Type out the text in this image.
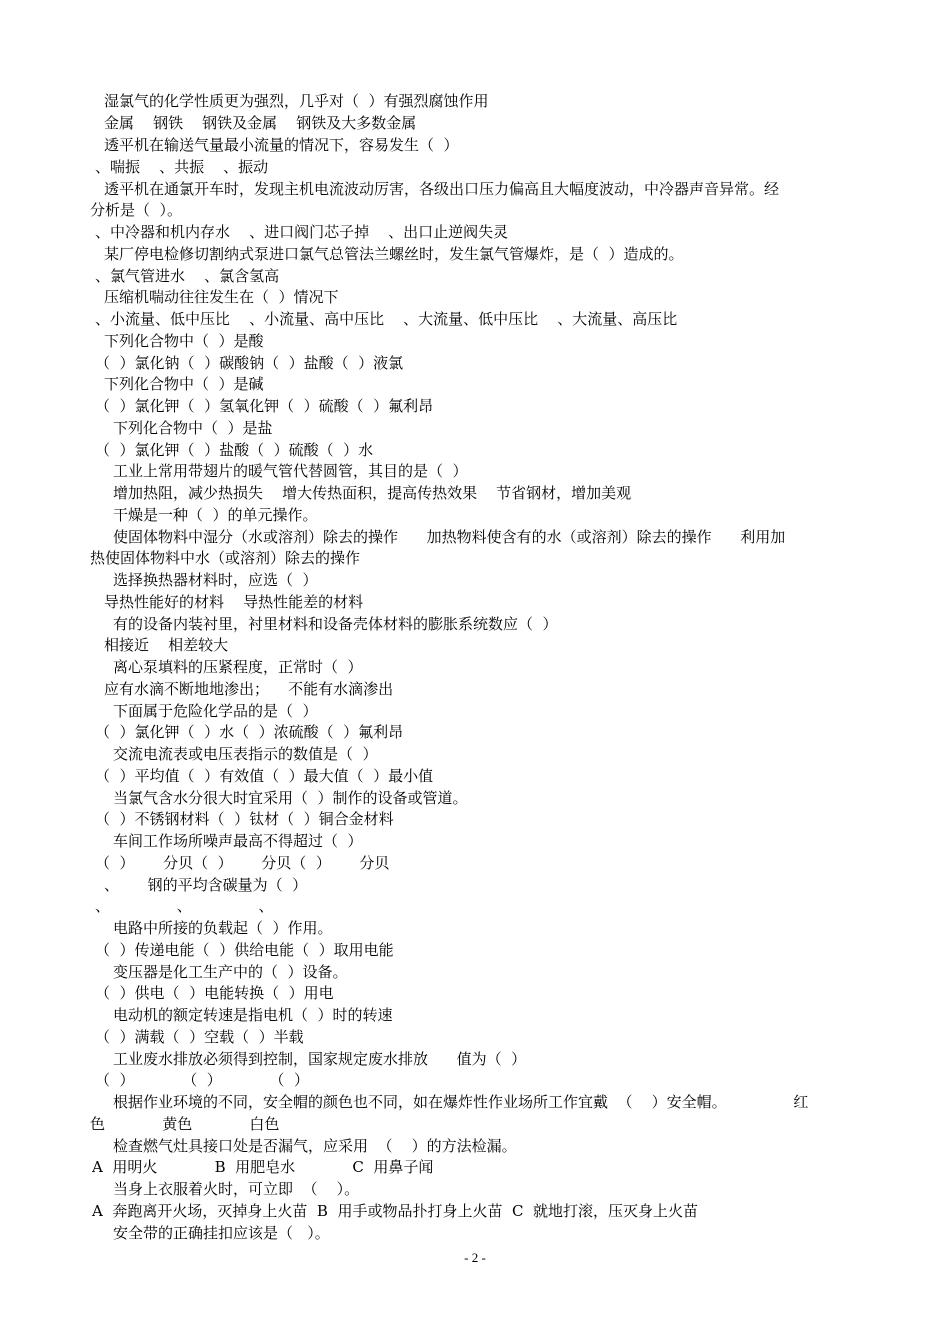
湿氯气的化学性质更为强烈，几乎对（  ）有强烈腐蚀作用
金属    钢铁    钢铁及金属    钢铁及大多数金属
透平机在输送气量最小流量的情况下，容易发生（  ）
、喘振    、共振    、振动
透平机在通氯开车时，发现主机电流波动厉害，各级出口压力偏高且大幅度波动，中冷器声音异常。经
分析是（  ）。
、中冷器和机内存水    、进口阀门芯子掉    、出口止逆阀失灵
某厂停电检修切割纳式泵进口氯气总管法兰螺丝时，发生氯气管爆炸，是（  ）造成的。
、氯气管进水    、氯含氢高
压缩机喘动往往发生在（  ）情况下
、小流量、低中压比    、小流量、高中压比    、大流量、低中压比    、大流量、高压比
下列化合物中（  ）是酸
（  ）氯化钠（  ）碳酸钠（  ）盐酸（  ）液氯
下列化合物中（  ）是碱
（  ）氯化钾（  ）氢氧化钾（  ）硫酸（  ）氟利昂
下列化合物中（  ）是盐
（  ）氯化钾（  ）盐酸（  ）硫酸（  ）水
工业上常用带翅片的暖气管代替圆管，其目的是（  ）
增加热阻，减少热损失    增大传热面积，提高传热效果    节省钢材，增加美观
干燥是一种（  ）的单元操作。
使固体物料中湿分（水或溶剂）除去的操作      加热物料使含有的水（或溶剂）除去的操作      利用加
热使固体物料中水（或溶剂）除去的操作
选择换热器材料时，应选（  ）
导热性能好的材料    导热性能差的材料
有的设备内装衬里，衬里材料和设备壳体材料的膨胀系统数应（  ）
相接近    相差较大
离心泵填料的压紧程度，正常时（  ）
应有水滴不断地地渗出；    不能有水滴渗出
下面属于危险化学品的是（  ）
（  ）氯化钾（  ）水（  ）浓硫酸（  ）氟利昂
交流电流表或电压表指示的数值是（  ）
（  ）平均值（  ）有效值（  ）最大值（  ）最小值
当氯气含水分很大时宜采用（  ）制作的设备或管道。
（  ）不锈钢材料（  ）钛材（  ）铜合金材料
车间工作场所噪声最高不得超过（  ）
（  ）      分贝（  ）      分贝（  ）      分贝
、      钢的平均含碳量为（  ）
、              、              、
电路中所接的负载起（  ）作用。
（  ）传递电能（  ）供给电能（  ）取用电能
变压器是化工生产中的（  ）设备。
（  ）供电（  ）电能转换（  ）用电
电动机的额定转速是指电机（  ）时的转速
（  ）满载（  ）空载（  ）半载
工业废水排放必须得到控制，国家规定废水排放      值为（  ）
（  ）          （  ）          （  ）
根据作业环境的不同，安全帽的颜色也不同，如在爆炸性作业场所工作宜戴  （    ）安全帽。              红
色            黄色            白色
检查燃气灶具接口处是否漏气，应采用  （    ）的方法检漏。
A  用明火            B  用肥皂水            C  用鼻子闻
当身上衣服着火时，可立即  （    ）。
A  奔跑离开火场，灭掉身上火苗  B  用手或物品扑打身上火苗  C  就地打滚，压灭身上火苗
安全带的正确挂扣应该是（   ）。
- 2 -
